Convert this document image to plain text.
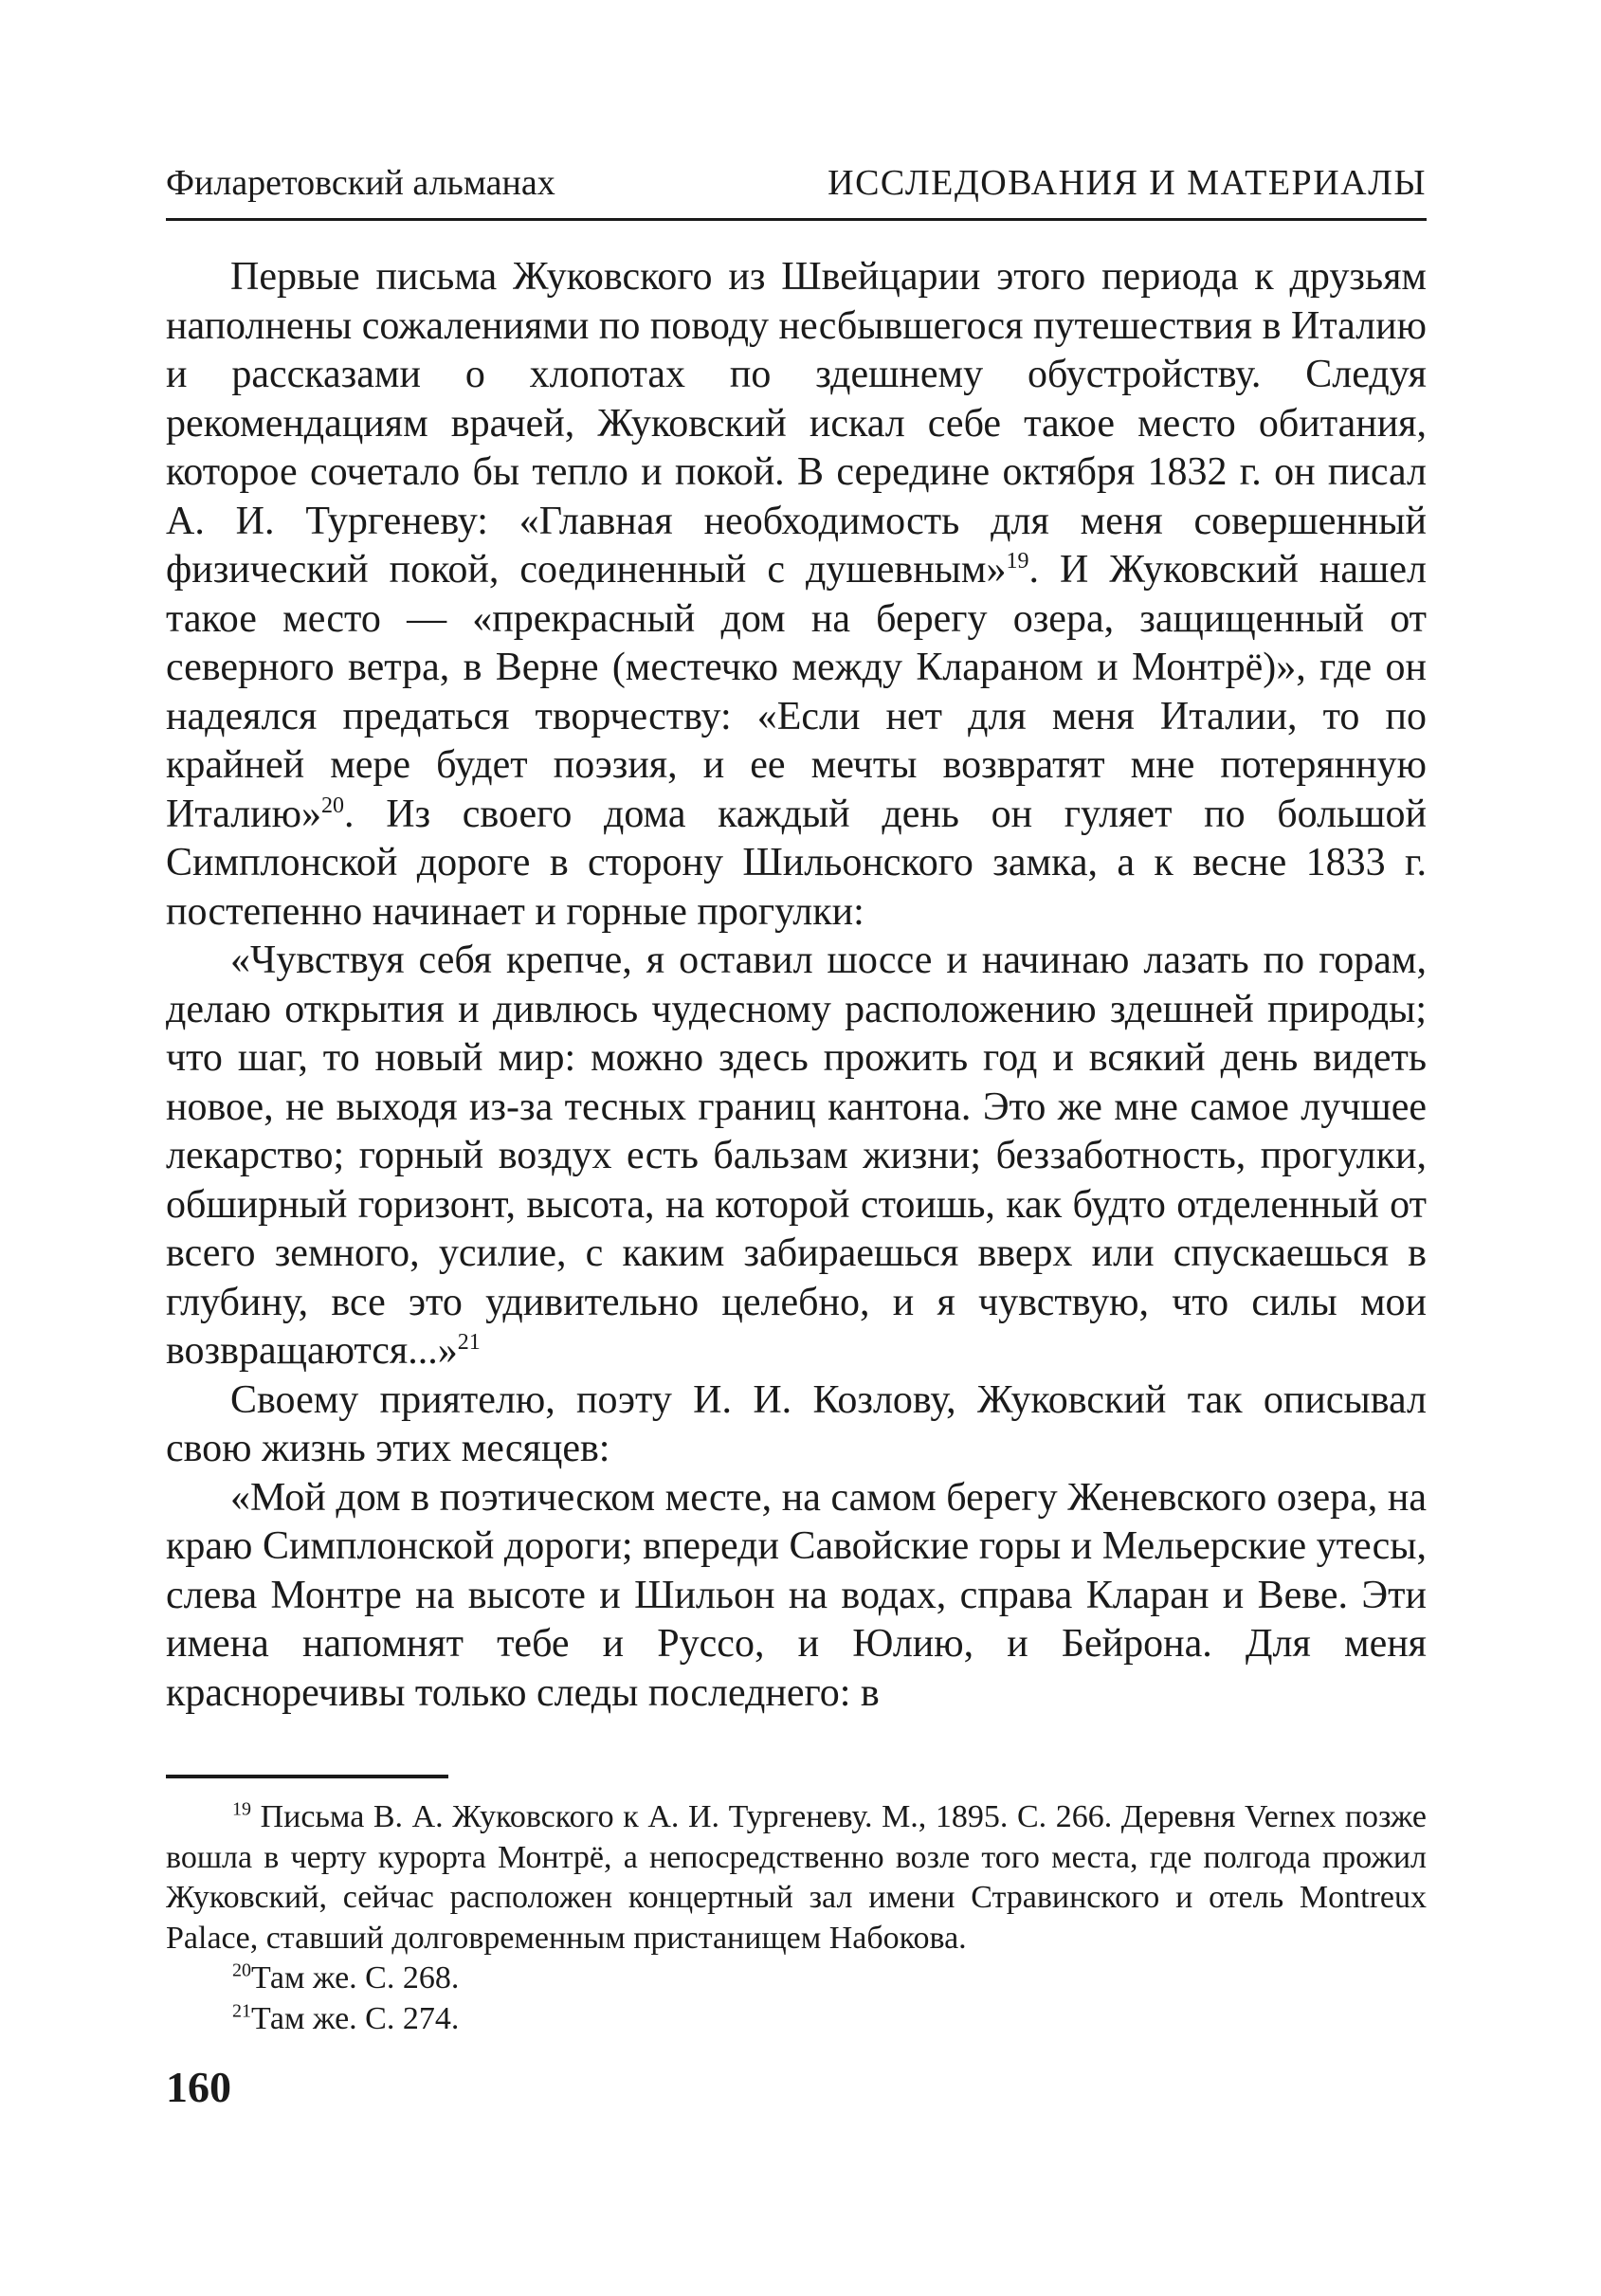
Филаретовский альманах	ИССЛЕДОВАНИЯ И МАТЕРИАЛЫ

Первые письма Жуковского из Швейцарии этого периода к друзьям наполнены сожалениями по поводу несбывшегося путешествия в Италию и рассказами о хлопотах по здешнему обустройству. Следуя рекомендациям врачей, Жуковский искал себе такое место обитания, которое сочетало бы тепло и покой. В середине октября 1832 г. он писал А. И. Тургеневу: «Главная необходимость для меня совершенный физический покой, соединенный с душевным»$^{19}$. И Жуковский нашел такое место — «прекрасный дом на берегу озера, защищенный от северного ветра, в Верне (местечко между Клараном и Монтрё)», где он надеялся предаться творчеству: «Если нет для меня Италии, то по крайней мере будет поэзия, и ее мечты возвратят мне потерянную Италию»$^{20}$. Из своего дома каждый день он гуляет по большой Симплонской дороге в сторону Шильонского замка, а к весне 1833 г. постепенно начинает и горные прогулки:

«Чувствуя себя крепче, я оставил шоссе и начинаю лазать по горам, делаю открытия и дивлюсь чудесному расположению здешней природы; что шаг, то новый мир: можно здесь прожить год и всякий день видеть новое, не выходя из-за тесных границ кантона. Это же мне самое лучшее лекарство; горный воздух есть бальзам жизни; беззаботность, прогулки, обширный горизонт, высота, на которой стоишь, как будто отделенный от всего земного, усилие, с каким забираешься вверх или спускаешься в глубину, все это удивительно целебно, и я чувствую, что силы мои возвращаются...»$^{21}$

Своему приятелю, поэту И. И. Козлову, Жуковский так описывал свою жизнь этих месяцев:

«Мой дом в поэтическом месте, на самом берегу Женевского озера, на краю Симплонской дороги; впереди Савойские горы и Мельерские утесы, слева Монтре на высоте и Шильон на водах, справа Кларан и Веве. Эти имена напомнят тебе и Руссо, и Юлию, и Бейрона. Для меня красноречивы только следы последнего: в

$^{19}$ Письма В. А. Жуковского к А. И. Тургеневу. М., 1895. С. 266. Деревня Vernex позже вошла в черту курорта Монтрё, а непосредственно возле того места, где полгода прожил Жуковский, сейчас расположен концертный зал имени Стравинского и отель Montreux Palace, ставший долговременным пристанищем Набокова.

$^{20}$Там же. С. 268.

$^{21}$Там же. С. 274.

160
